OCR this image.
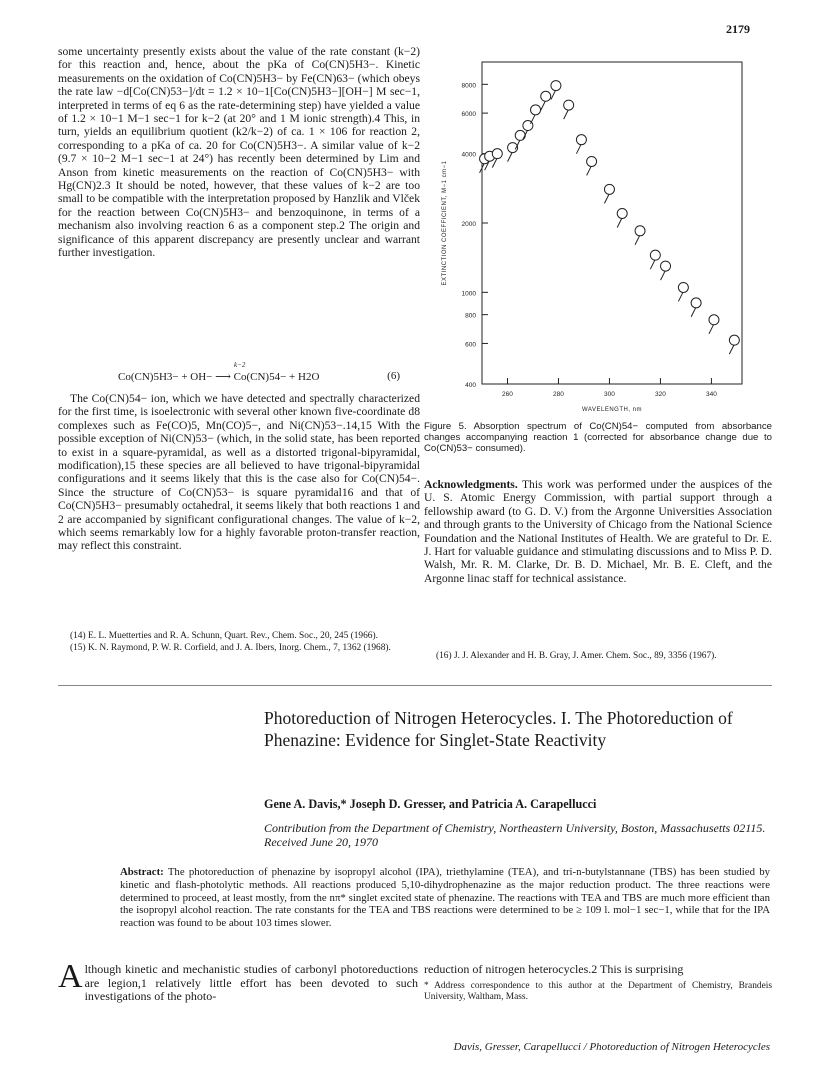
2179

some uncertainty presently exists about the value of the rate constant (k−2) for this reaction and, hence, about the pKa of Co(CN)5H3−. Kinetic measurements on the oxidation of Co(CN)5H3− by Fe(CN)63− (which obeys the rate law −d[Co(CN)53−]/dt = 1.2 × 10−1[Co(CN)5H3−][OH−] M sec−1, interpreted in terms of eq 6 as the rate-determining step) have yielded a value of 1.2 × 10−1 M−1 sec−1 for k−2 (at 20° and 1 M ionic strength).4 This, in turn, yields an equilibrium quotient (k2/k−2) of ca. 1 × 106 for reaction 2, corresponding to a pKa of ca. 20 for Co(CN)5H3−. A similar value of k−2 (9.7 × 10−2 M−1 sec−1 at 24°) has recently been determined by Lim and Anson from kinetic measurements on the reaction of Co(CN)5H3− with Hg(CN)2.3 It should be noted, however, that these values of k−2 are too small to be compatible with the interpretation proposed by Hanzlik and Vlček for the reaction between Co(CN)5H3− and benzoquinone, in terms of a mechanism also involving reaction 6 as a component step.2 The origin and significance of this apparent discrepancy are presently unclear and warrant further investigation.

Co(CN)5H3− + OH− ⟶ Co(CN)54− + H2O	(6)
k−2

The Co(CN)54− ion, which we have detected and spectrally characterized for the first time, is isoelectronic with several other known five-coordinate d8 complexes such as Fe(CO)5, Mn(CO)5−, and Ni(CN)53−.14,15 With the possible exception of Ni(CN)53− (which, in the solid state, has been reported to exist in a square-pyramidal, as well as a distorted trigonal-bipyramidal, modification),15 these species are all believed to have trigonal-bipyramidal configurations and it seems likely that this is the case also for Co(CN)54−. Since the structure of Co(CN)53− is square pyramidal16 and that of Co(CN)5H3− presumably octahedral, it seems likely that both reactions 1 and 2 are accompanied by significant configurational changes. The value of k−2, which seems remarkably low for a highly favorable proton-transfer reaction, may reflect this constraint.

(14) E. L. Muetterties and R. A. Schunn, Quart. Rev., Chem. Soc., 20, 245 (1966).

(15) K. N. Raymond, P. W. R. Corfield, and J. A. Ibers, Inorg. Chem., 7, 1362 (1968).

400
600
800
1000
2000
4000
6000
8000
260	280	300	320	340
WAVELENGTH, nm
EXTINCTION COEFFICIENT, M−1 cm−1
Figure 5. Absorption spectrum of Co(CN)54− computed from absorbance changes accompanying reaction 1 (corrected for absorbance change due to Co(CN)53− consumed).

Acknowledgments. This work was performed under the auspices of the U. S. Atomic Energy Commission, with partial support through a fellowship award (to G. D. V.) from the Argonne Universities Association and through grants to the University of Chicago from the National Science Foundation and the National Institutes of Health. We are grateful to Dr. E. J. Hart for valuable guidance and stimulating discussions and to Miss P. D. Walsh, Mr. R. M. Clarke, Dr. B. D. Michael, Mr. B. E. Cleft, and the Argonne linac staff for technical assistance.

(16) J. J. Alexander and H. B. Gray, J. Amer. Chem. Soc., 89, 3356 (1967).

Photoreduction of Nitrogen Heterocycles. I. The Photoreduction of Phenazine: Evidence for Singlet-State Reactivity
Gene A. Davis,* Joseph D. Gresser, and Patricia A. Carapellucci
Contribution from the Department of Chemistry, Northeastern University, Boston, Massachusetts 02115. Received June 20, 1970
Abstract: The photoreduction of phenazine by isopropyl alcohol (IPA), triethylamine (TEA), and tri-n-butylstannane (TBS) has been studied by kinetic and flash-photolytic methods. All reactions produced 5,10-dihydrophenazine as the major reduction product. The three reactions were determined to proceed, at least mostly, from the nπ* singlet excited state of phenazine. The reactions with TEA and TBS are much more efficient than the isopropyl alcohol reaction. The rate constants for the TEA and TBS reactions were determined to be ≥ 109 l. mol−1 sec−1, while that for the IPA reaction was found to be about 103 times slower.
A lthough kinetic and mechanistic studies of carbonyl photoreductions are legion,1 relatively little effort has been devoted to such investigations of the photo-
reduction of nitrogen heterocycles.2 This is surprising
* Address correspondence to this author at the Department of Chemistry, Brandeis University, Waltham, Mass.
Davis, Gresser, Carapellucci / Photoreduction of Nitrogen Heterocycles
